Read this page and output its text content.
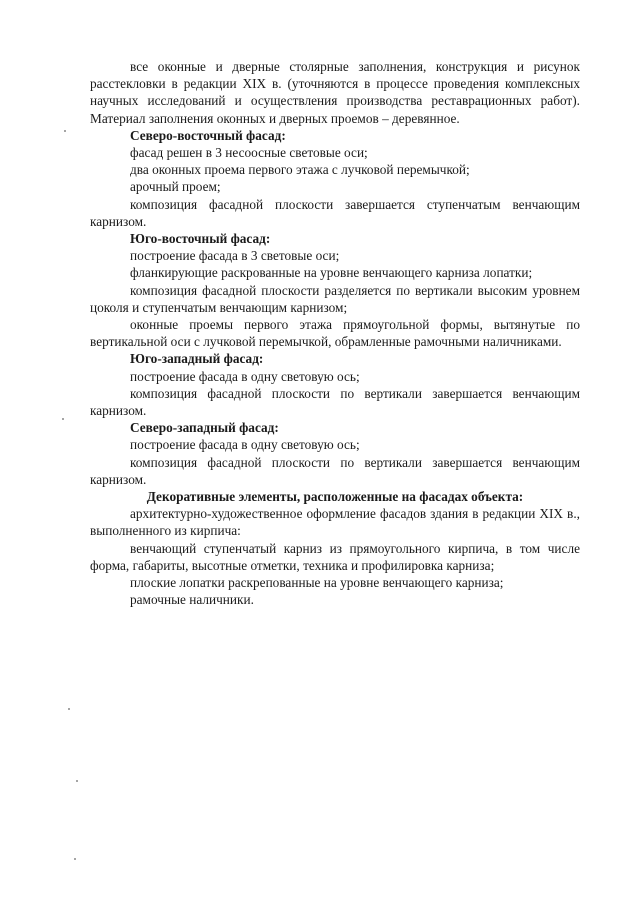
все оконные и дверные столярные заполнения, конструкция и рисунок расстекловки в редакции XIX в. (уточняются в процессе проведения комплексных научных исследований и осуществления производства реставрационных работ). Материал заполнения оконных и дверных проемов – деревянное.

Северо-восточный фасад:

фасад решен в 3 несоосные световые оси;

два оконных проема первого этажа с лучковой перемычкой;

арочный проем;

композиция фасадной плоскости завершается ступенчатым венчающим карнизом.

Юго-восточный фасад:

построение фасада в 3 световые оси;

фланкирующие раскрованные на уровне венчающего карниза лопатки;

композиция фасадной плоскости разделяется по вертикали высоким уровнем цоколя и ступенчатым венчающим карнизом;

оконные проемы первого этажа прямоугольной формы, вытянутые по вертикальной оси с лучковой перемычкой, обрамленные рамочными наличниками.

Юго-западный фасад:

построение фасада в одну световую ось;

композиция фасадной плоскости по вертикали завершается венчающим карнизом.

Северо-западный фасад:

построение фасада в одну световую ось;

композиция фасадной плоскости по вертикали завершается венчающим карнизом.

Декоративные элементы, расположенные на фасадах объекта:

архитектурно-художественное оформление фасадов здания в редакции XIX в., выполненного из кирпича:

венчающий ступенчатый карниз из прямоугольного кирпича, в том числе форма, габариты, высотные отметки, техника и профилировка карниза;

плоские лопатки раскрепованные на уровне венчающего карниза;

рамочные наличники.
